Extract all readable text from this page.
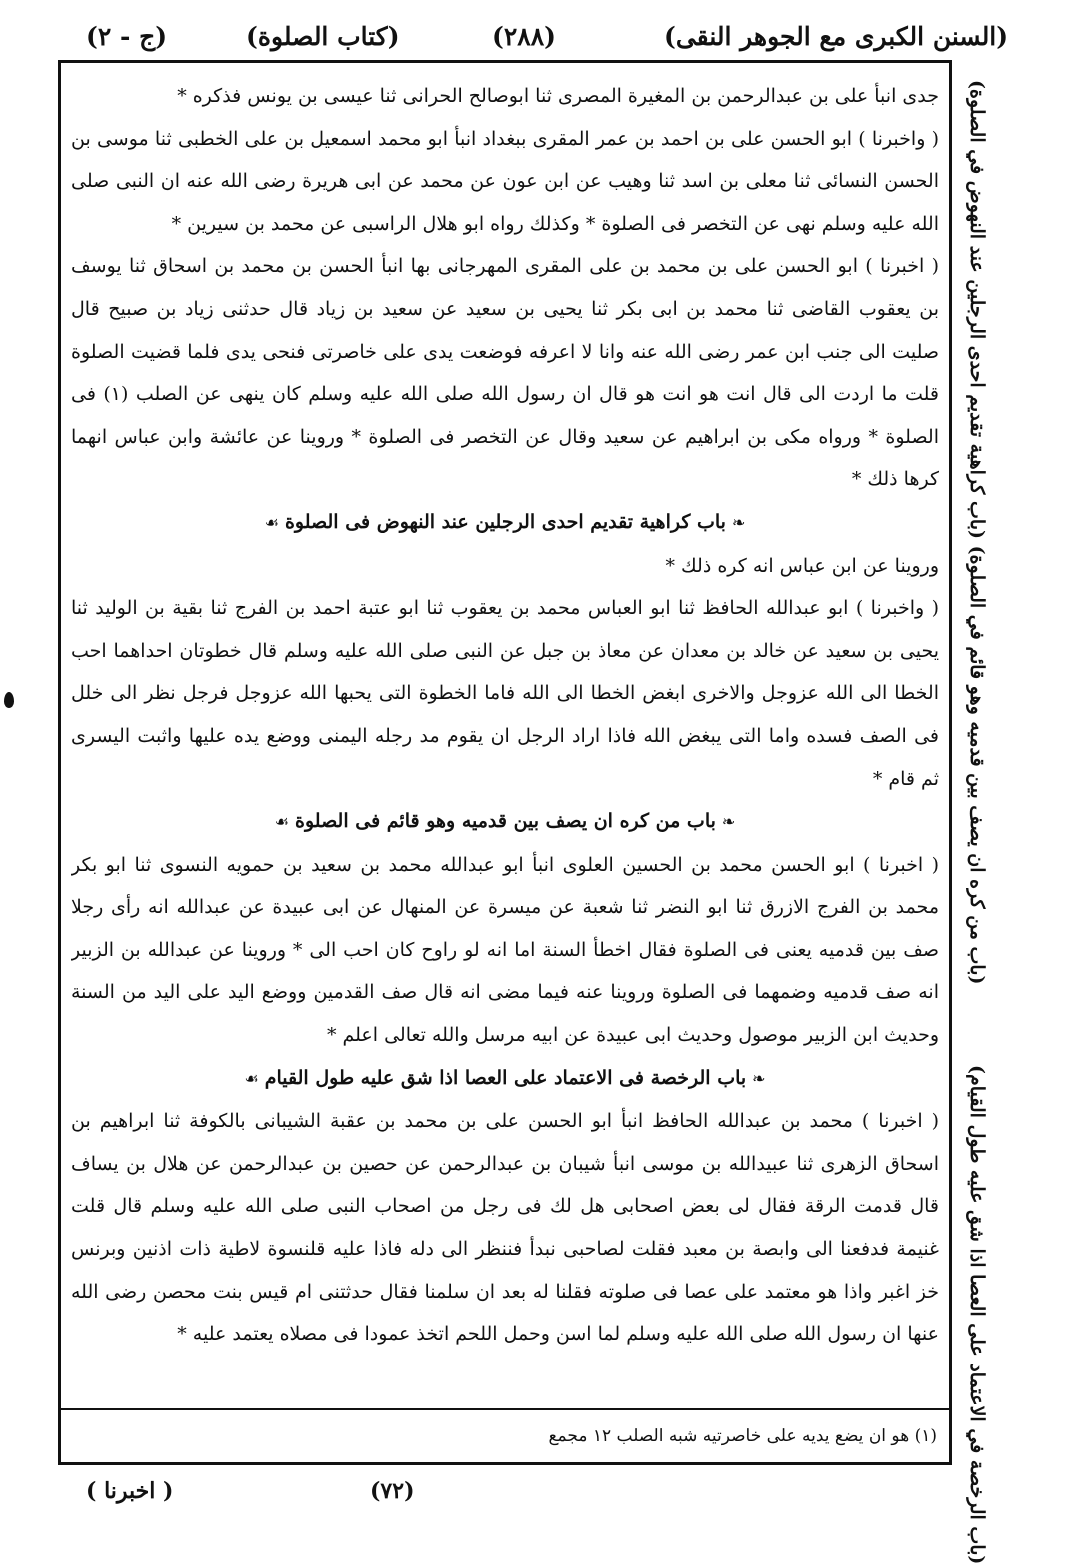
(السنن الكبرى مع الجوهر النقى)
(٢٨٨)
(كتاب الصلوة)
(ج - ٢)

جدى انبأ على بن عبدالرحمن بن المغيرة المصرى ثنا ابوصالح الحرانى ثنا عيسى بن يونس فذكره *

( واخبرنا ) ابو الحسن على بن احمد بن عمر المقرى ببغداد انبأ ابو محمد اسمعيل بن على الخطبى ثنا موسى بن الحسن النسائى ثنا معلى بن اسد ثنا وهيب عن ابن عون عن محمد عن ابى هريرة رضى الله عنه ان النبى صلى الله عليه وسلم نهى عن التخصر فى الصلوة * وكذلك رواه ابو هلال الراسبى عن محمد بن سيرين *

( اخبرنا ) ابو الحسن على بن محمد بن على المقرى المهرجانى بها انبأ الحسن بن محمد بن اسحاق ثنا يوسف بن يعقوب القاضى ثنا محمد بن ابى بكر ثنا يحيى بن سعيد عن سعيد بن زياد قال حدثنى زياد بن صبيح قال صليت الى جنب ابن عمر رضى الله عنه وانا لا اعرفه فوضعت يدى على خاصرتى فنحى يدى فلما قضيت الصلوة قلت ما اردت الى قال انت هو انت هو قال ان رسول الله صلى الله عليه وسلم كان ينهى عن الصلب (١) فى الصلوة * ورواه مكى بن ابراهيم عن سعيد وقال عن التخصر فى الصلوة * وروينا عن عائشة وابن عباس انهما كرها ذلك *

❧باب كراهية تقديم احدى الرجلين عند النهوض فى الصلوة☙

وروينا عن ابن عباس انه كره ذلك *

( واخبرنا ) ابو عبدالله الحافظ ثنا ابو العباس محمد بن يعقوب ثنا ابو عتبة احمد بن الفرج ثنا بقية بن الوليد ثنا يحيى بن سعيد عن خالد بن معدان عن معاذ بن جبل عن النبى صلى الله عليه وسلم قال خطوتان احداهما احب الخطا الى الله عزوجل والاخرى ابغض الخطا الى الله فاما الخطوة التى يحبها الله عزوجل فرجل نظر الى خلل فى الصف فسده واما التى يبغض الله فاذا اراد الرجل ان يقوم مد رجله اليمنى ووضع يده عليها واثبت اليسرى ثم قام *

❧باب من كره ان يصف بين قدميه وهو قائم فى الصلوة☙

( اخبرنا ) ابو الحسن محمد بن الحسين العلوى انبأ ابو عبدالله محمد بن سعيد بن حمويه النسوى ثنا ابو بكر محمد بن الفرج الازرق ثنا ابو النضر ثنا شعبة عن ميسرة عن المنهال عن ابى عبيدة عن عبدالله انه رأى رجلا صف بين قدميه يعنى فى الصلوة فقال اخطأ السنة اما انه لو راوح كان احب الى * وروينا عن عبدالله بن الزبير انه صف قدميه وضمهما فى الصلوة وروينا عنه فيما مضى انه قال صف القدمين ووضع اليد على اليد من السنة وحديث ابن الزبير موصول وحديث ابى عبيدة عن ابيه مرسل والله تعالى اعلم *

❧باب الرخصة فى الاعتماد على العصا اذا شق عليه طول القيام☙

( اخبرنا ) محمد بن عبدالله الحافظ انبأ ابو الحسن على بن محمد بن عقبة الشيبانى بالكوفة ثنا ابراهيم بن اسحاق الزهرى ثنا عبيدالله بن موسى انبأ شيبان بن عبدالرحمن عن حصين بن عبدالرحمن عن هلال بن يساف قال قدمت الرقة فقال لى بعض اصحابى هل لك فى رجل من اصحاب النبى صلى الله عليه وسلم قال قلت غنيمة فدفعنا الى وابصة بن معبد فقلت لصاحبى نبدأ فننظر الى دله فاذا عليه قلنسوة لاطية ذات اذنين وبرنس خز اغبر واذا هو معتمد على عصا فى صلوته فقلنا له بعد ان سلمنا فقال حدثتنى ام قيس بنت محصن رضى الله عنها ان رسول الله صلى الله عليه وسلم لما اسن وحمل اللحم اتخذ عمودا فى مصلاه يعتمد عليه *

(١) هو ان يضع يديه على خاصرتيه شبه الصلب ١٢ مجمع
(باب من كره ان يصف بين قدميه وهو قائم في الصلوة) (باب كراهية تقديم احدى الرجلين عند النهوض في الصلوة)
(باب الرخصة في الاعتماد على العصا اذا شق عليه طول القيام)
(٧٢)
( اخبرنا )
